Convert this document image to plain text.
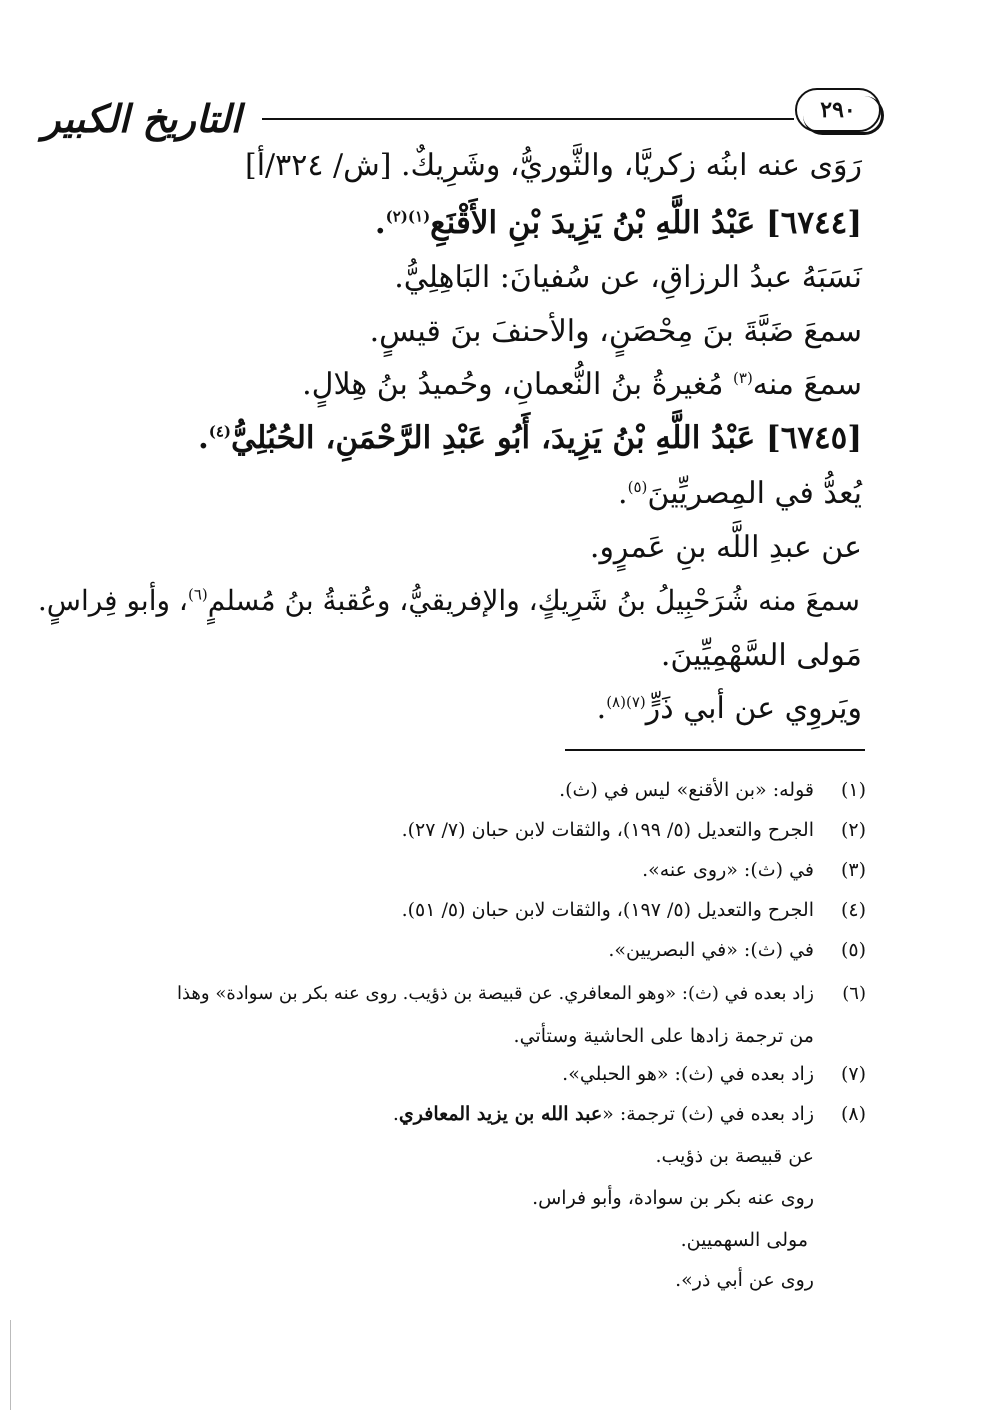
التاريخ الكبير	٢٩٠
رَوَى عنه ابنُه زكريَّا، والثَّوريُّ، وشَرِيكٌ. [ش/ ٣٢٤/أ]
[٦٧٤٤] عَبْدُ اللَّهِ بْنُ يَزِيدَ بْنِ الأَقْنَعِ$^{(١)(٢)}$.
نَسَبَهُ عبدُ الرزاقِ، عن سُفيانَ: البَاهِلِيُّ.
سمعَ ضَبَّةَ بنَ مِحْصَنٍ، والأحنفَ بنَ قيسٍ.
سمعَ منه$^{(٣)}$ مُغيرةُ بنُ النُّعمانِ، وحُميدُ بنُ هِلالٍ.
[٦٧٤٥] عَبْدُ اللَّهِ بْنُ يَزِيدَ، أَبُو عَبْدِ الرَّحْمَنِ، الحُبُلِيُّ$^{(٤)}$.
يُعدُّ في المِصريِّينَ$^{(٥)}$.
عن عبدِ اللَّه بنِ عَمرٍو.
سمعَ منه شُرَحْبِيلُ بنُ شَرِيكٍ، والإفريقيُّ، وعُقبةُ بنُ مُسلمٍ$^{(٦)}$، وأبو فِراسٍ.
مَولى السَّهْمِيِّينَ.
ويَروِي عن أبي ذَرٍّ$^{(٧)(٨)}$.
(١)قوله: «بن الأقنع» ليس في (ث).
(٢)الجرح والتعديل (٥/ ١٩٩)، والثقات لابن حبان (٧/ ٢٧).
(٣)في (ث): «روى عنه».
(٤)الجرح والتعديل (٥/ ١٩٧)، والثقات لابن حبان (٥/ ٥١).
(٥)في (ث): «في البصريين».
(٦)زاد بعده في (ث): «وهو المعافري. عن قبيصة بن ذؤيب. روى عنه بكر بن سوادة» وهذا
من ترجمة زادها على الحاشية وستأتي.
(٧)زاد بعده في (ث): «هو الحبلي».
(٨)زاد بعده في (ث) ترجمة: «عبد الله بن يزيد المعافري.
عن قبيصة بن ذؤيب.
روى عنه بكر بن سوادة، وأبو فراس.
مولى السهميين.
روى عن أبي ذر».
